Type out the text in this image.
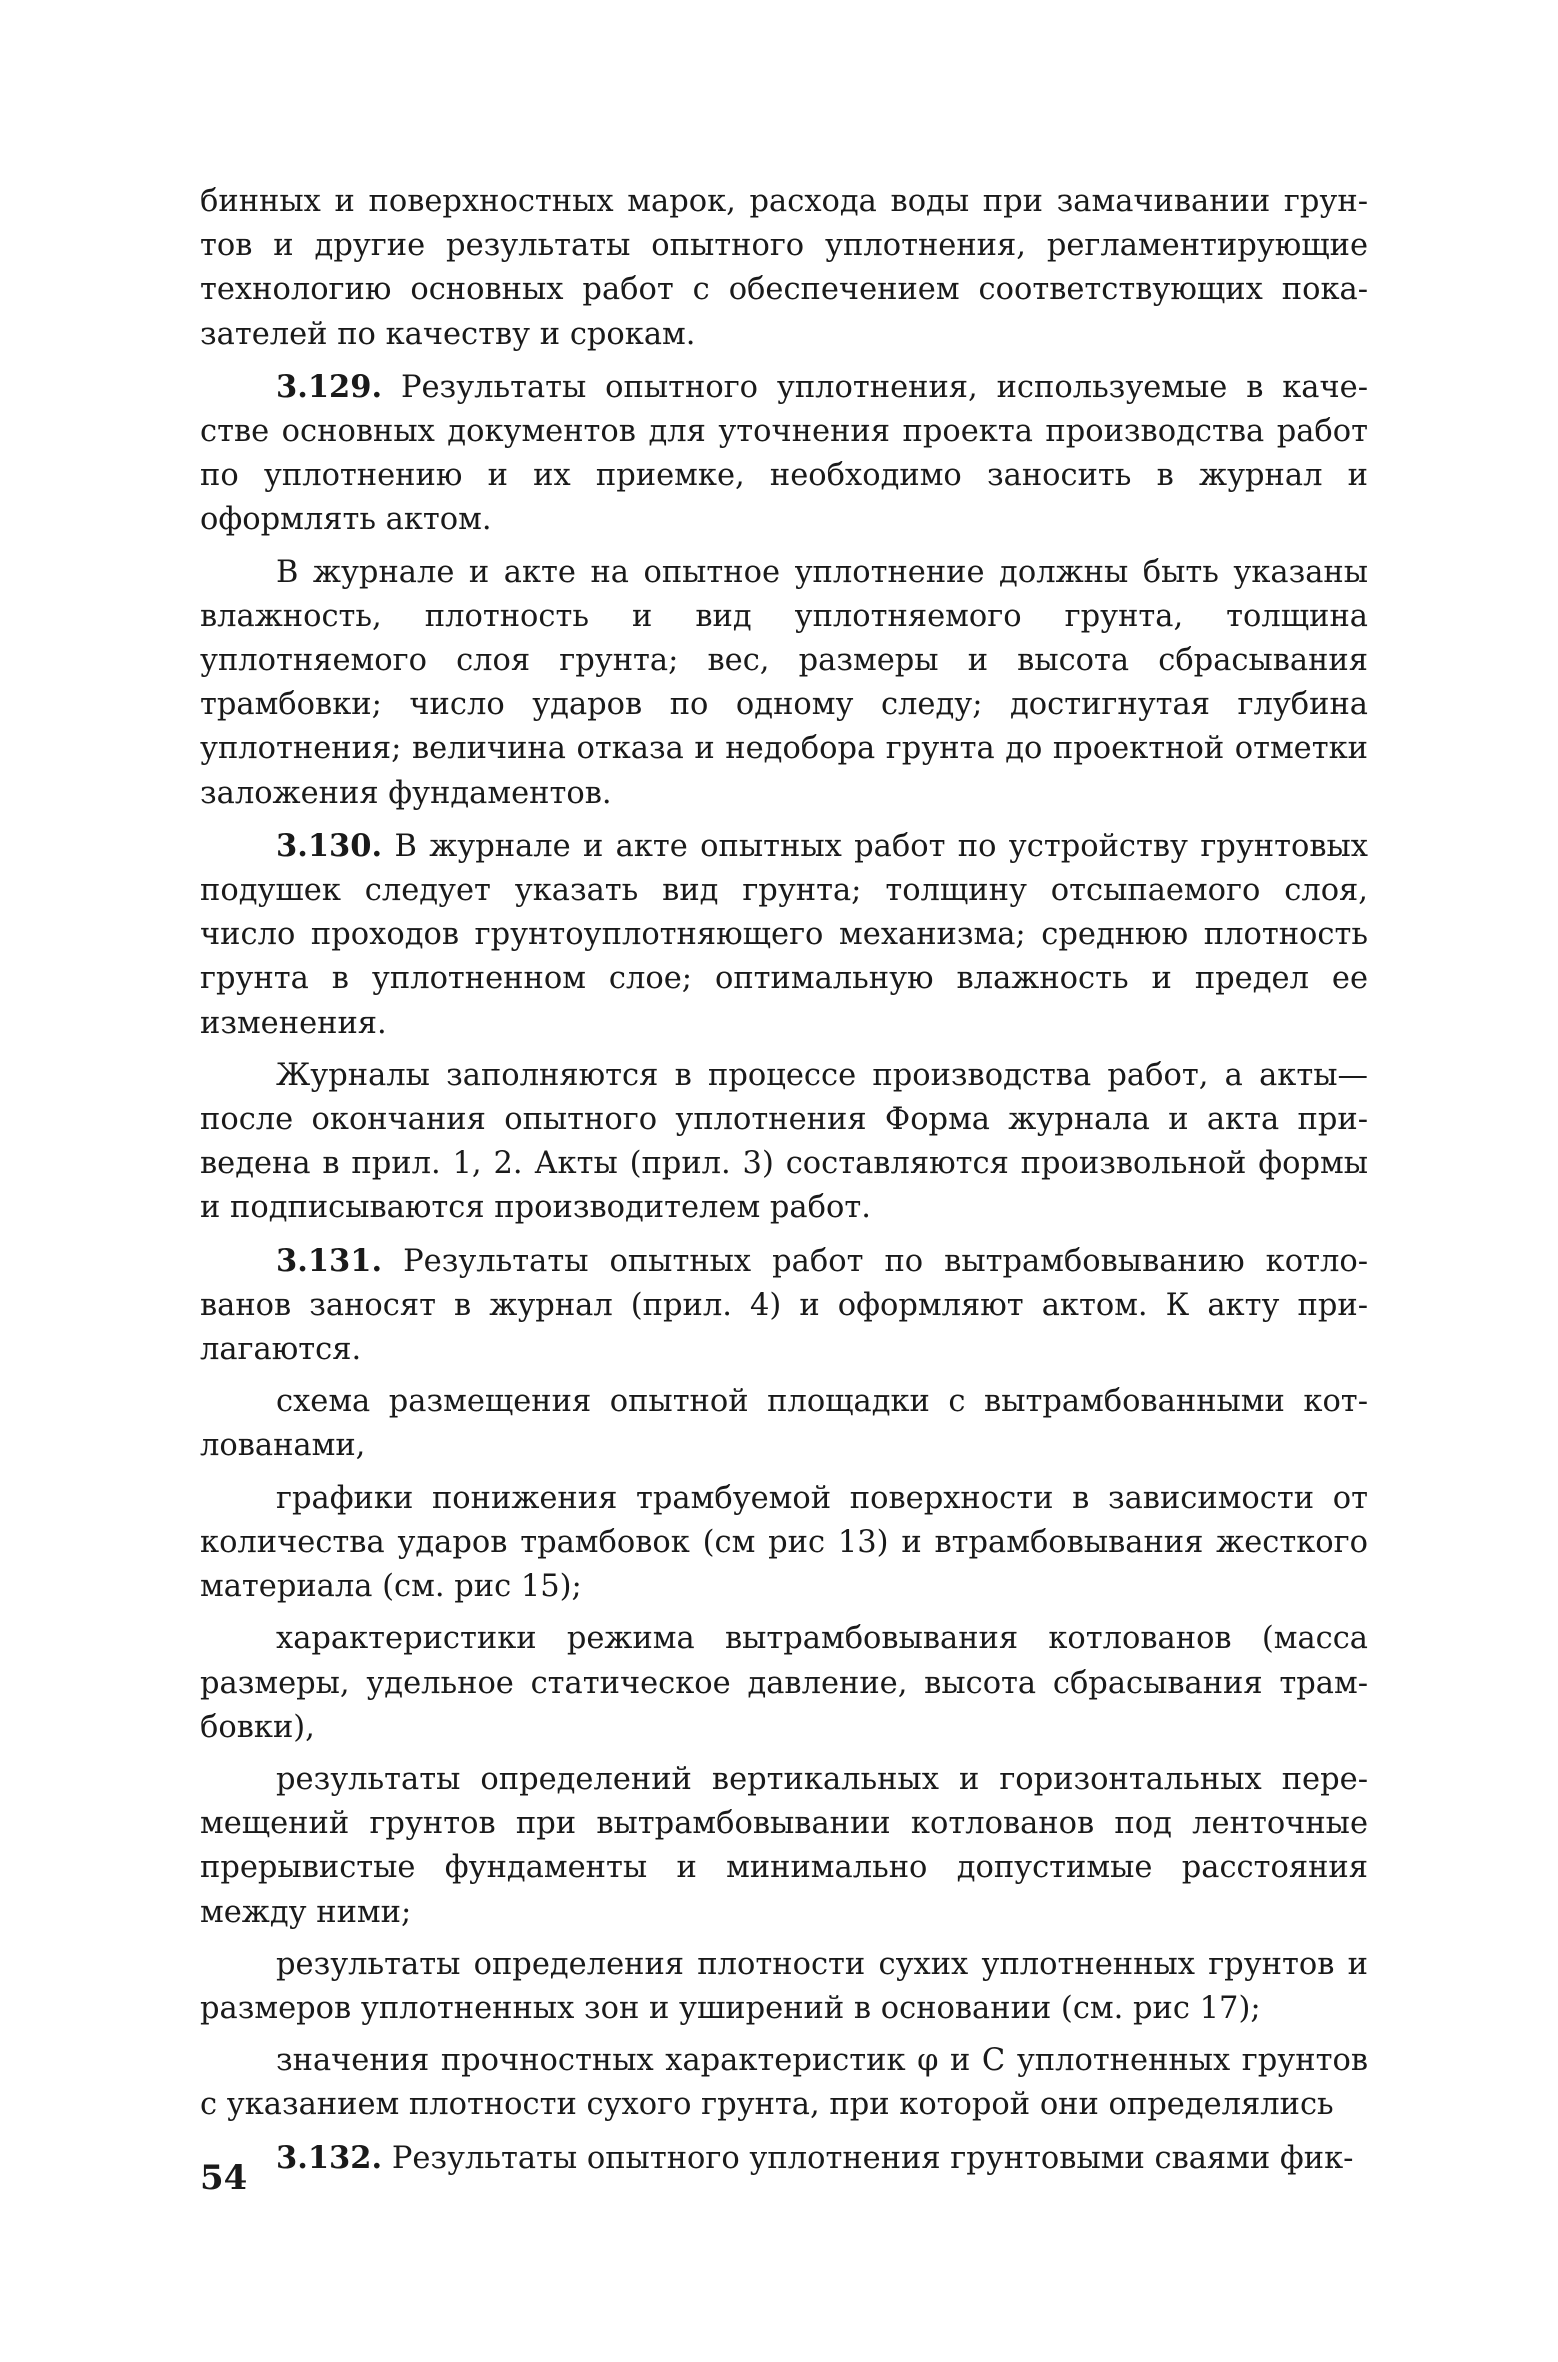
бинных и поверхностных марок, расхода воды при замачивании грунтов и другие результаты опытного уплотнения, регламентирующие технологию основных работ с обеспечением соответствующих показателей по качеству и срокам.

3.129. Результаты опытного уплотнения, используемые в качестве основных документов для уточнения проекта производства работ по уплотнению и их приемке, необходимо заносить в журнал и оформлять актом.

В журнале и акте на опытное уплотнение должны быть указаны влажность, плотность и вид уплотняемого грунта, толщина уплотняемого слоя грунта; вес, размеры и высота сбрасывания трамбовки; число ударов по одному следу; достигнутая глубина уплотнения; величина отказа и недобора грунта до проектной отметки заложения фундаментов.

3.130. В журнале и акте опытных работ по устройству грунтовых подушек следует указать вид грунта; толщину отсыпаемого слоя, число проходов грунтоуплотняющего механизма; среднюю плотность грунта в уплотненном слое; оптимальную влажность и предел ее изменения.

Журналы заполняются в процессе производства работ, а акты— после окончания опытного уплотнения Форма журнала и акта приведена в прил. 1, 2. Акты (прил. 3) составляются произвольной формы и подписываются производителем работ.

3.131. Результаты опытных работ по вытрамбовыванию котлованов заносят в журнал (прил. 4) и оформляют актом. К акту прилагаются.

схема размещения опытной площадки с вытрамбованными котлованами,

графики понижения трамбуемой поверхности в зависимости от количества ударов трамбовок (см рис 13) и втрамбовывания жесткого материала (см. рис 15);

характеристики режима вытрамбовывания котлованов (масса размеры, удельное статическое давление, высота сбрасывания трамбовки),

результаты определений вертикальных и горизонтальных перемещений грунтов при вытрамбовывании котлованов под ленточные прерывистые фундаменты и минимально допустимые расстояния между ними;

результаты определения плотности сухих уплотненных грунтов и размеров уплотненных зон и уширений в основании (см. рис 17);

значения прочностных характеристик φ и C уплотненных грунтов с указанием плотности сухого грунта, при которой они определялись

3.132. Результаты опытного уплотнения грунтовыми сваями фик-

54
